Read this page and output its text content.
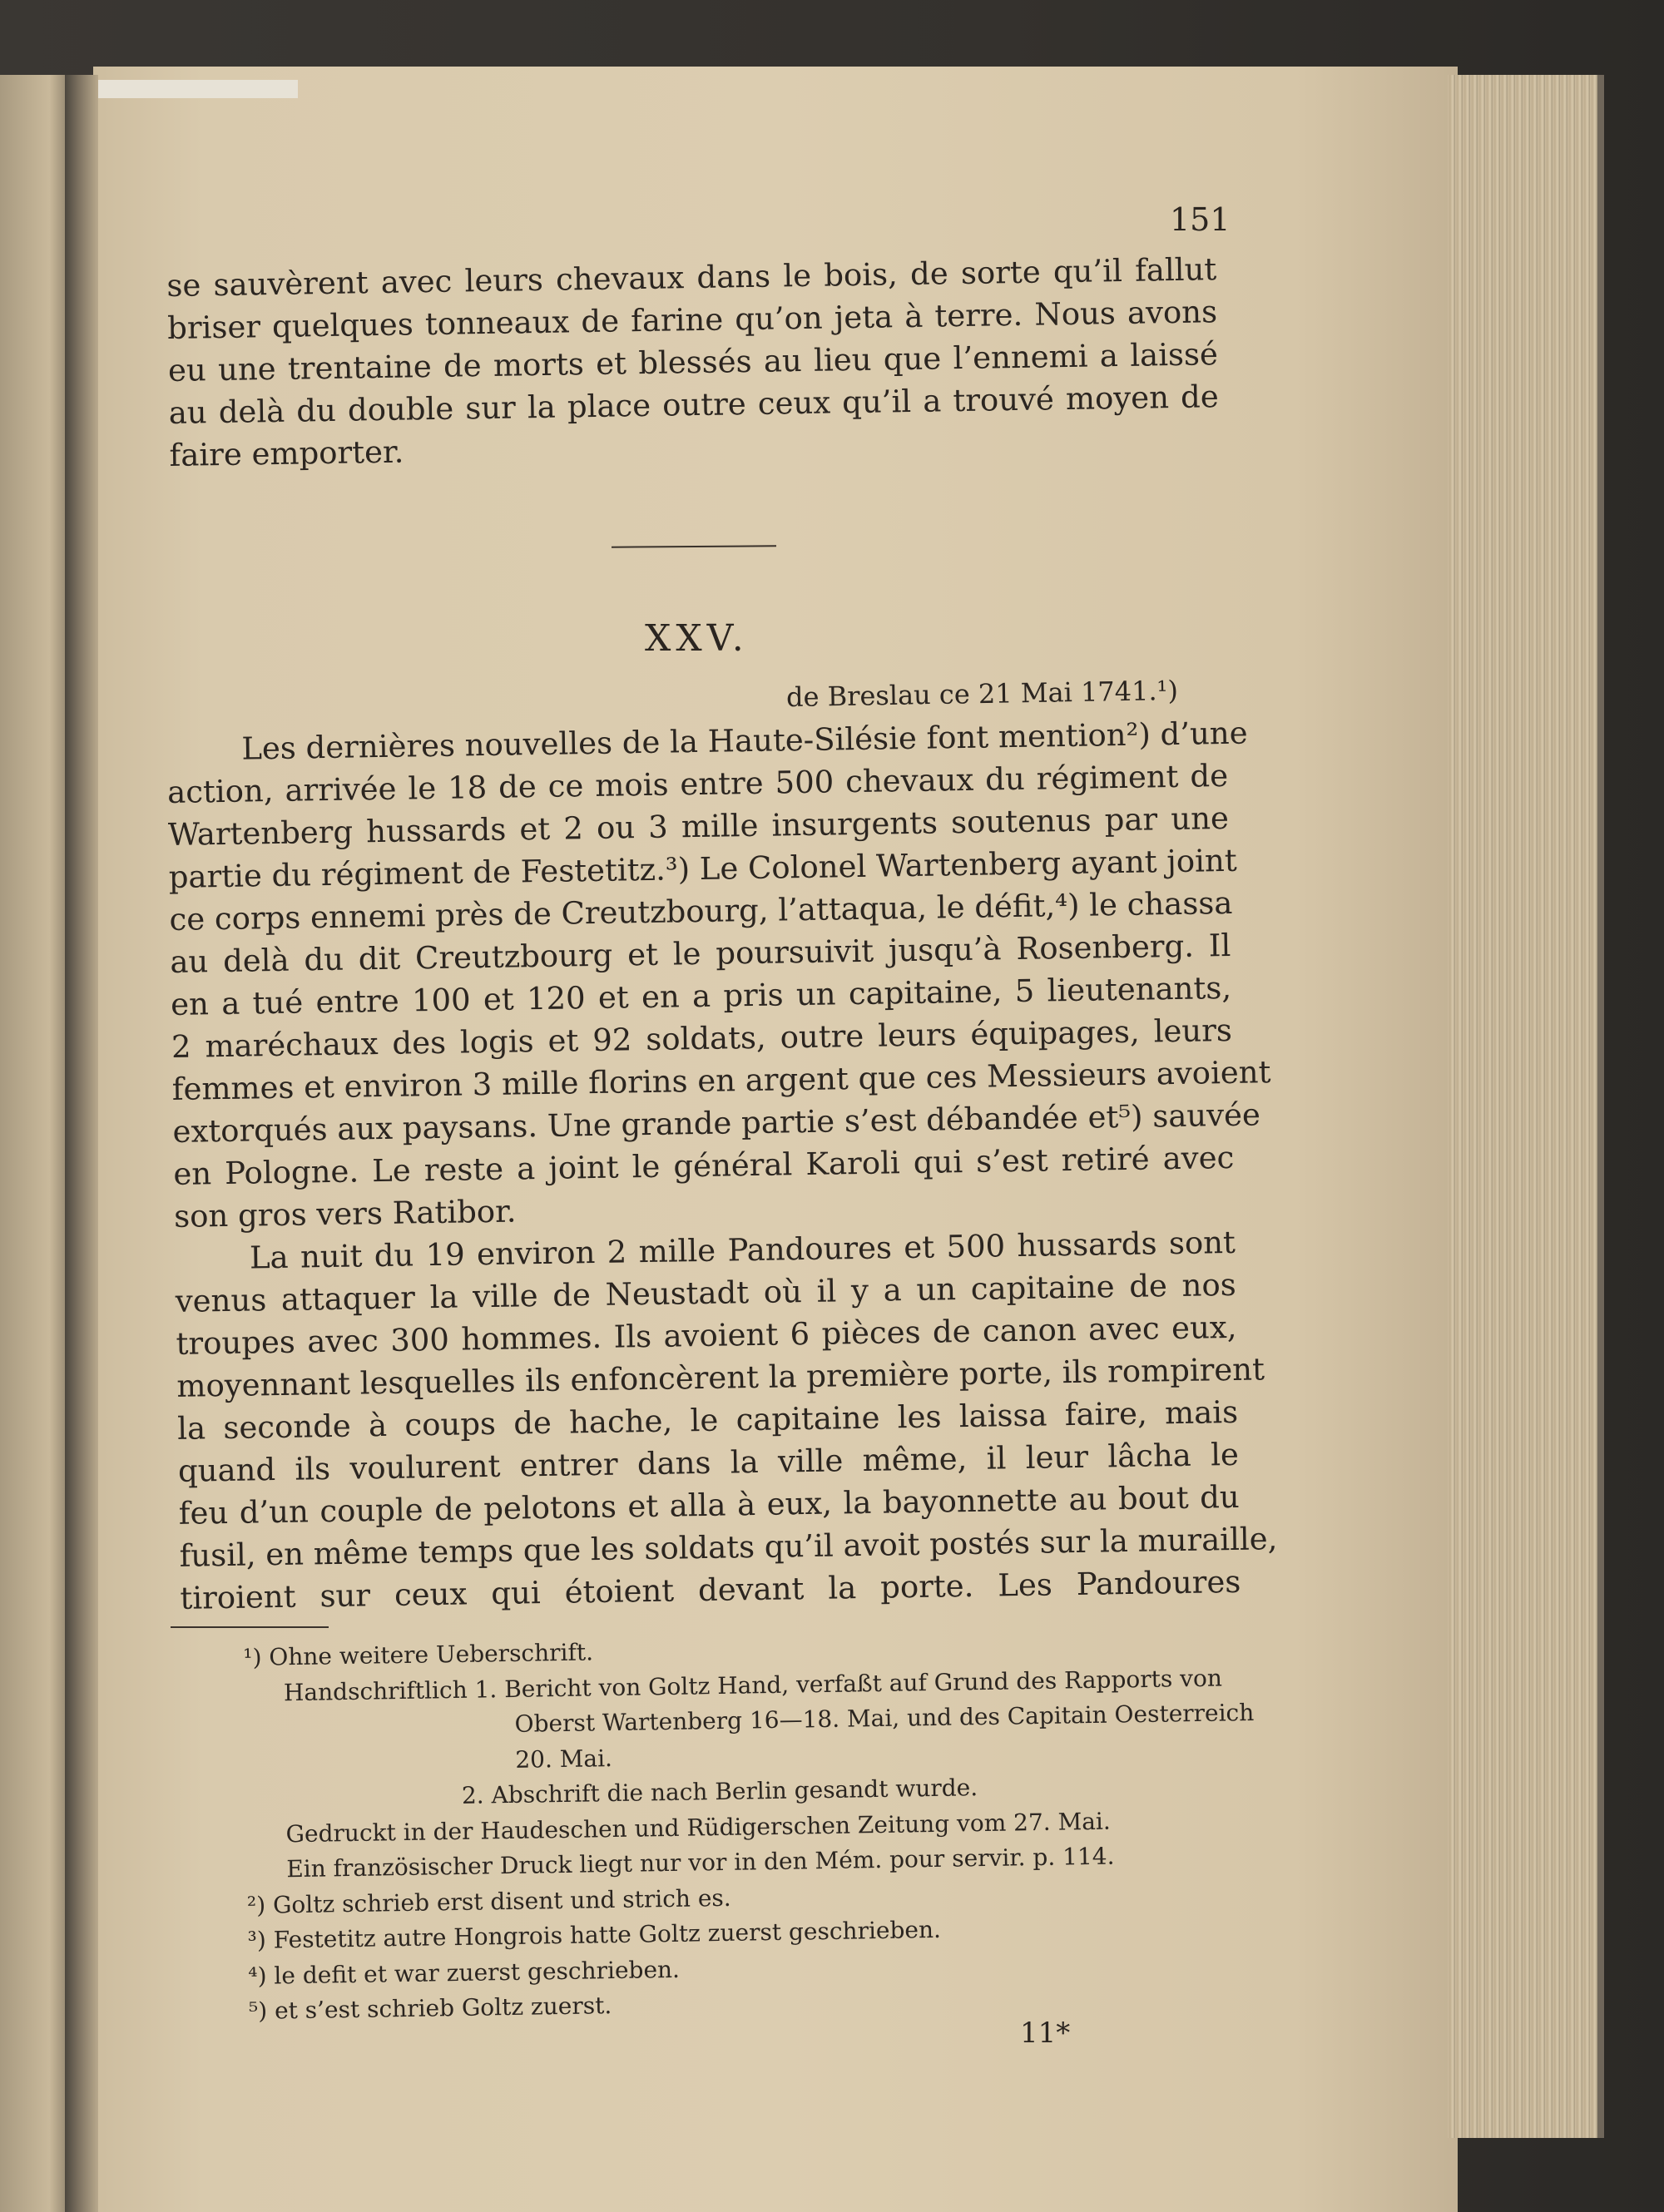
151
se sauvèrent avec leurs chevaux dans le bois, de sorte qu’il fallut
briser quelques tonneaux de farine qu’on jeta à terre. Nous avons
eu une trentaine de morts et blessés au lieu que l’ennemi a laissé
au delà du double sur la place outre ceux qu’il a trouvé moyen de
faire emporter.
XXV.
de Breslau ce 21 Mai 1741.¹)
Les dernières nouvelles de la Haute-Silésie font mention²) d’une
action, arrivée le 18 de ce mois entre 500 chevaux du régiment de
Wartenberg hussards et 2 ou 3 mille insurgents soutenus par une
partie du régiment de Festetitz.³) Le Colonel Wartenberg ayant joint
ce corps ennemi près de Creutzbourg, l’attaqua, le défit,⁴) le chassa
au delà du dit Creutzbourg et le poursuivit jusqu’à Rosenberg. Il
en a tué entre 100 et 120 et en a pris un capitaine, 5 lieutenants,
2 maréchaux des logis et 92 soldats, outre leurs équipages, leurs
femmes et environ 3 mille florins en argent que ces Messieurs avoient
extorqués aux paysans. Une grande partie s’est débandée et⁵) sauvée
en Pologne. Le reste a joint le général Karoli qui s’est retiré avec
son gros vers Ratibor.
La nuit du 19 environ 2 mille Pandoures et 500 hussards sont
venus attaquer la ville de Neustadt où il y a un capitaine de nos
troupes avec 300 hommes. Ils avoient 6 pièces de canon avec eux,
moyennant lesquelles ils enfoncèrent la première porte, ils rompirent
la seconde à coups de hache, le capitaine les laissa faire, mais
quand ils voulurent entrer dans la ville même, il leur lâcha le
feu d’un couple de pelotons et alla à eux, la bayonnette au bout du
fusil, en même temps que les soldats qu’il avoit postés sur la muraille,
tiroient sur ceux qui étoient devant la porte. Les Pandoures
¹) Ohne weitere Ueberschrift.
Handschriftlich 1. Bericht von Goltz Hand, verfaßt auf Grund des Rapports von
Oberst Wartenberg 16—18. Mai, und des Capitain Oesterreich
20. Mai.
2. Abschrift die nach Berlin gesandt wurde.
Gedruckt in der Haudeschen und Rüdigerschen Zeitung vom 27. Mai.
Ein französischer Druck liegt nur vor in den Mém. pour servir. p. 114.
²) Goltz schrieb erst disent und strich es.
³) Festetitz autre Hongrois hatte Goltz zuerst geschrieben.
⁴) le defit et war zuerst geschrieben.
⁵) et s’est schrieb Goltz zuerst.
11*
